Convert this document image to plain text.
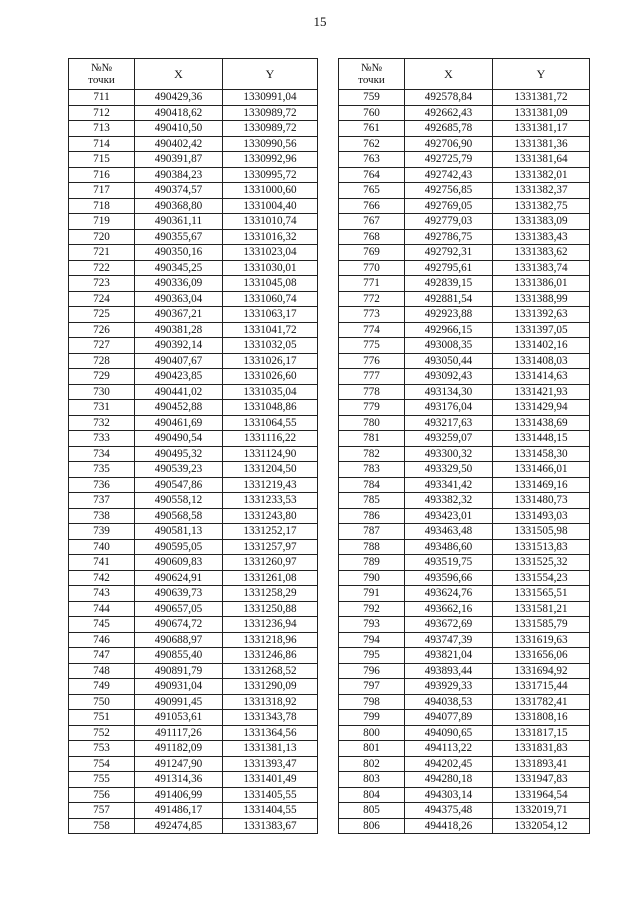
15
№№
точки	X	Y
711	490429,36	1330991,04
712	490418,62	1330989,72
713	490410,50	1330989,72
714	490402,42	1330990,56
715	490391,87	1330992,96
716	490384,23	1330995,72
717	490374,57	1331000,60
718	490368,80	1331004,40
719	490361,11	1331010,74
720	490355,67	1331016,32
721	490350,16	1331023,04
722	490345,25	1331030,01
723	490336,09	1331045,08
724	490363,04	1331060,74
725	490367,21	1331063,17
726	490381,28	1331041,72
727	490392,14	1331032,05
728	490407,67	1331026,17
729	490423,85	1331026,60
730	490441,02	1331035,04
731	490452,88	1331048,86
732	490461,69	1331064,55
733	490490,54	1331116,22
734	490495,32	1331124,90
735	490539,23	1331204,50
736	490547,86	1331219,43
737	490558,12	1331233,53
738	490568,58	1331243,80
739	490581,13	1331252,17
740	490595,05	1331257,97
741	490609,83	1331260,97
742	490624,91	1331261,08
743	490639,73	1331258,29
744	490657,05	1331250,88
745	490674,72	1331236,94
746	490688,97	1331218,96
747	490855,40	1331246,86
748	490891,79	1331268,52
749	490931,04	1331290,09
750	490991,45	1331318,92
751	491053,61	1331343,78
752	491117,26	1331364,56
753	491182,09	1331381,13
754	491247,90	1331393,47
755	491314,36	1331401,49
756	491406,99	1331405,55
757	491486,17	1331404,55
758	492474,85	1331383,67
№№
точки	X	Y
759	492578,84	1331381,72
760	492662,43	1331381,09
761	492685,78	1331381,17
762	492706,90	1331381,36
763	492725,79	1331381,64
764	492742,43	1331382,01
765	492756,85	1331382,37
766	492769,05	1331382,75
767	492779,03	1331383,09
768	492786,75	1331383,43
769	492792,31	1331383,62
770	492795,61	1331383,74
771	492839,15	1331386,01
772	492881,54	1331388,99
773	492923,88	1331392,63
774	492966,15	1331397,05
775	493008,35	1331402,16
776	493050,44	1331408,03
777	493092,43	1331414,63
778	493134,30	1331421,93
779	493176,04	1331429,94
780	493217,63	1331438,69
781	493259,07	1331448,15
782	493300,32	1331458,30
783	493329,50	1331466,01
784	493341,42	1331469,16
785	493382,32	1331480,73
786	493423,01	1331493,03
787	493463,48	1331505,98
788	493486,60	1331513,83
789	493519,75	1331525,32
790	493596,66	1331554,23
791	493624,76	1331565,51
792	493662,16	1331581,21
793	493672,69	1331585,79
794	493747,39	1331619,63
795	493821,04	1331656,06
796	493893,44	1331694,92
797	493929,33	1331715,44
798	494038,53	1331782,41
799	494077,89	1331808,16
800	494090,65	1331817,15
801	494113,22	1331831,83
802	494202,45	1331893,41
803	494280,18	1331947,83
804	494303,14	1331964,54
805	494375,48	1332019,71
806	494418,26	1332054,12
